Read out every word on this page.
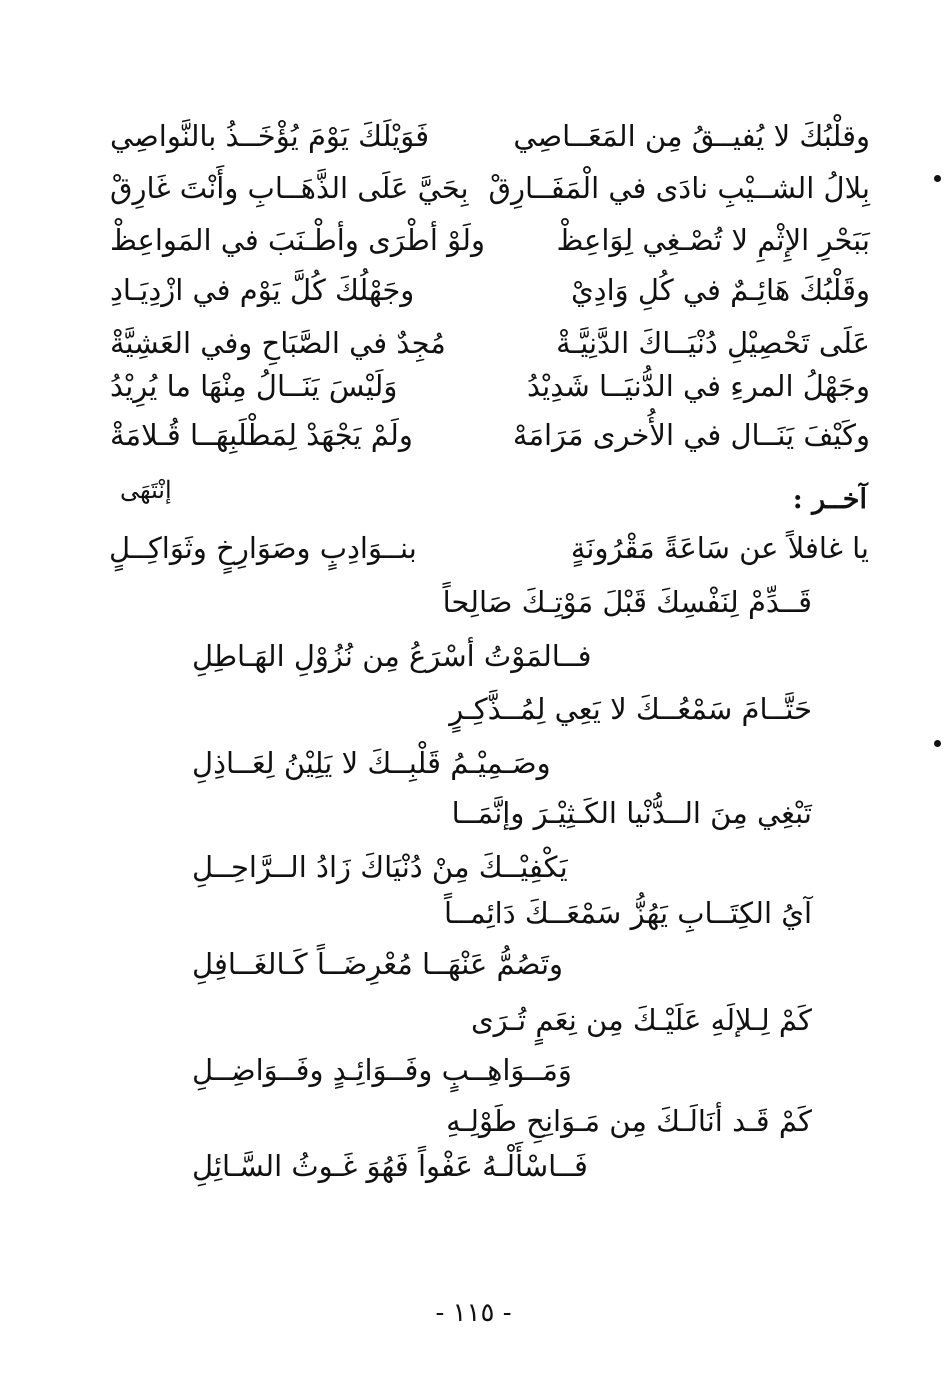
وقلْبُكَ لا يُفيــقُ مِن المَعَــاصِي
فَوَيْلَكَ يَوْمَ يُؤْخَــذُ بالنَّواصِي
بِلالُ الشــيْبِ نادَى في الْمَفَــارِقْ
بِحَيَّ عَلَى الذَّهَــابِ وأَنْتَ غَارِقْ
بَبَحْرِ الإِثْمِ لا تُصْـغِي لِوَاعِظْ
ولَوْ أطْرَى وأطْـنَبَ في المَواعِظْ
وقَلْبُكَ هَائِـمٌ في كُلِ وَادِيْ
وجَهْلُكَ كُلَّ يَوْم في ازْدِيَـادِ
عَلَى تَحْصِيْلِ دُنْيَــاكَ الدَّنِيَّـةْ
مُجِدٌ في الصَّبَاحِ وفي العَشِيَّةْ
وجَهْلُ المرءِ في الدُّنيَــا شَدِيْدُ
وَلَيْسَ يَنَــالُ مِنْهَا ما يُرِيْدُ
وكَيْفَ يَنَــال في الأُخرى مَرَامَهْ
ولَمْ يَجْهَدْ لِمَطْلَبِهَــا قُـلامَةْ
إنْتَهَى	آخــر :
يا غافلاً عن سَاعَةً مَقْرُونَةٍ
بنــوَادِبٍ وصَوَارِخٍ وثَوَاكِــلٍ
قَــدِّمْ لِنَفْسِكَ قَبْلَ مَوْتِـكَ صَالِحاً
فــالمَوْتُ أسْرَعُ مِن نُزُوْلِ الهَـاطِلِ
حَتَّــامَ سَمْعُــكَ لا يَعِي لِمُــذَّكِـرٍ
وصَـمِيْـمُ قَلْبِــكَ لا يَلِيْنُ لِعَــاذِلِ
تَبْغِي مِنَ الــدُّنْيا الكَـثِيْـرَ وإنَّمَــا
يَكْفِيْــكَ مِنْ دُنْيَاكَ زَادُ الــرَّاحِــلِ
آيُ الكِتَــابِ يَهُزُّ سَمْعَــكَ دَائِمــاً
وتَصُمُّ عَنْهَــا مُعْرِضَــاً كَـالغَــافِلِ
كَمْ لِـلإلَهِ عَلَيْـكَ مِن نِعَمٍ تُـرَى
وَمَــوَاهِــبٍ وفَــوَائِـدٍ وفَــوَاضِــلِ
كَمْ قَـد أنَالَـكَ مِن مَـوَانِحِ طَوْلِـهِ
فَــاسْأَلْـهُ عَفْواً فَهُوَ غَـوثُ السَّـائِلِ
- ١١٥ -
